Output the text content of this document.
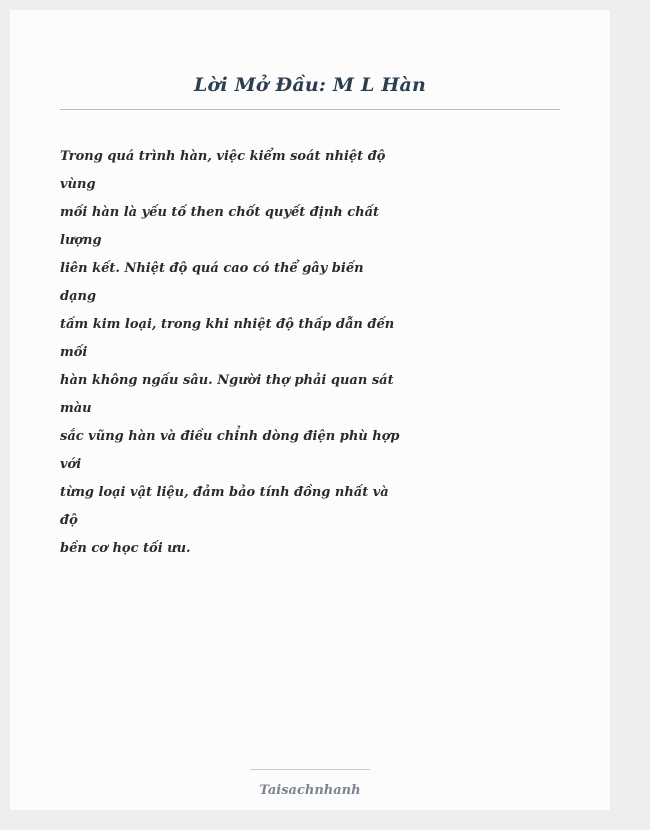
Lời Mở Đầu: M L Hàn
Trong quá trình hàn, việc kiểm soát nhiệt độ
vùng
mối hàn là yếu tố then chốt quyết định chất
lượng
liên kết. Nhiệt độ quá cao có thể gây biến
dạng
tấm kim loại, trong khi nhiệt độ thấp dẫn đến
mối
hàn không ngấu sâu. Người thợ phải quan sát
màu
sắc vũng hàn và điều chỉnh dòng điện phù hợp
với
từng loại vật liệu, đảm bảo tính đồng nhất và
độ
bền cơ học tối ưu.
Taisachnhanh
